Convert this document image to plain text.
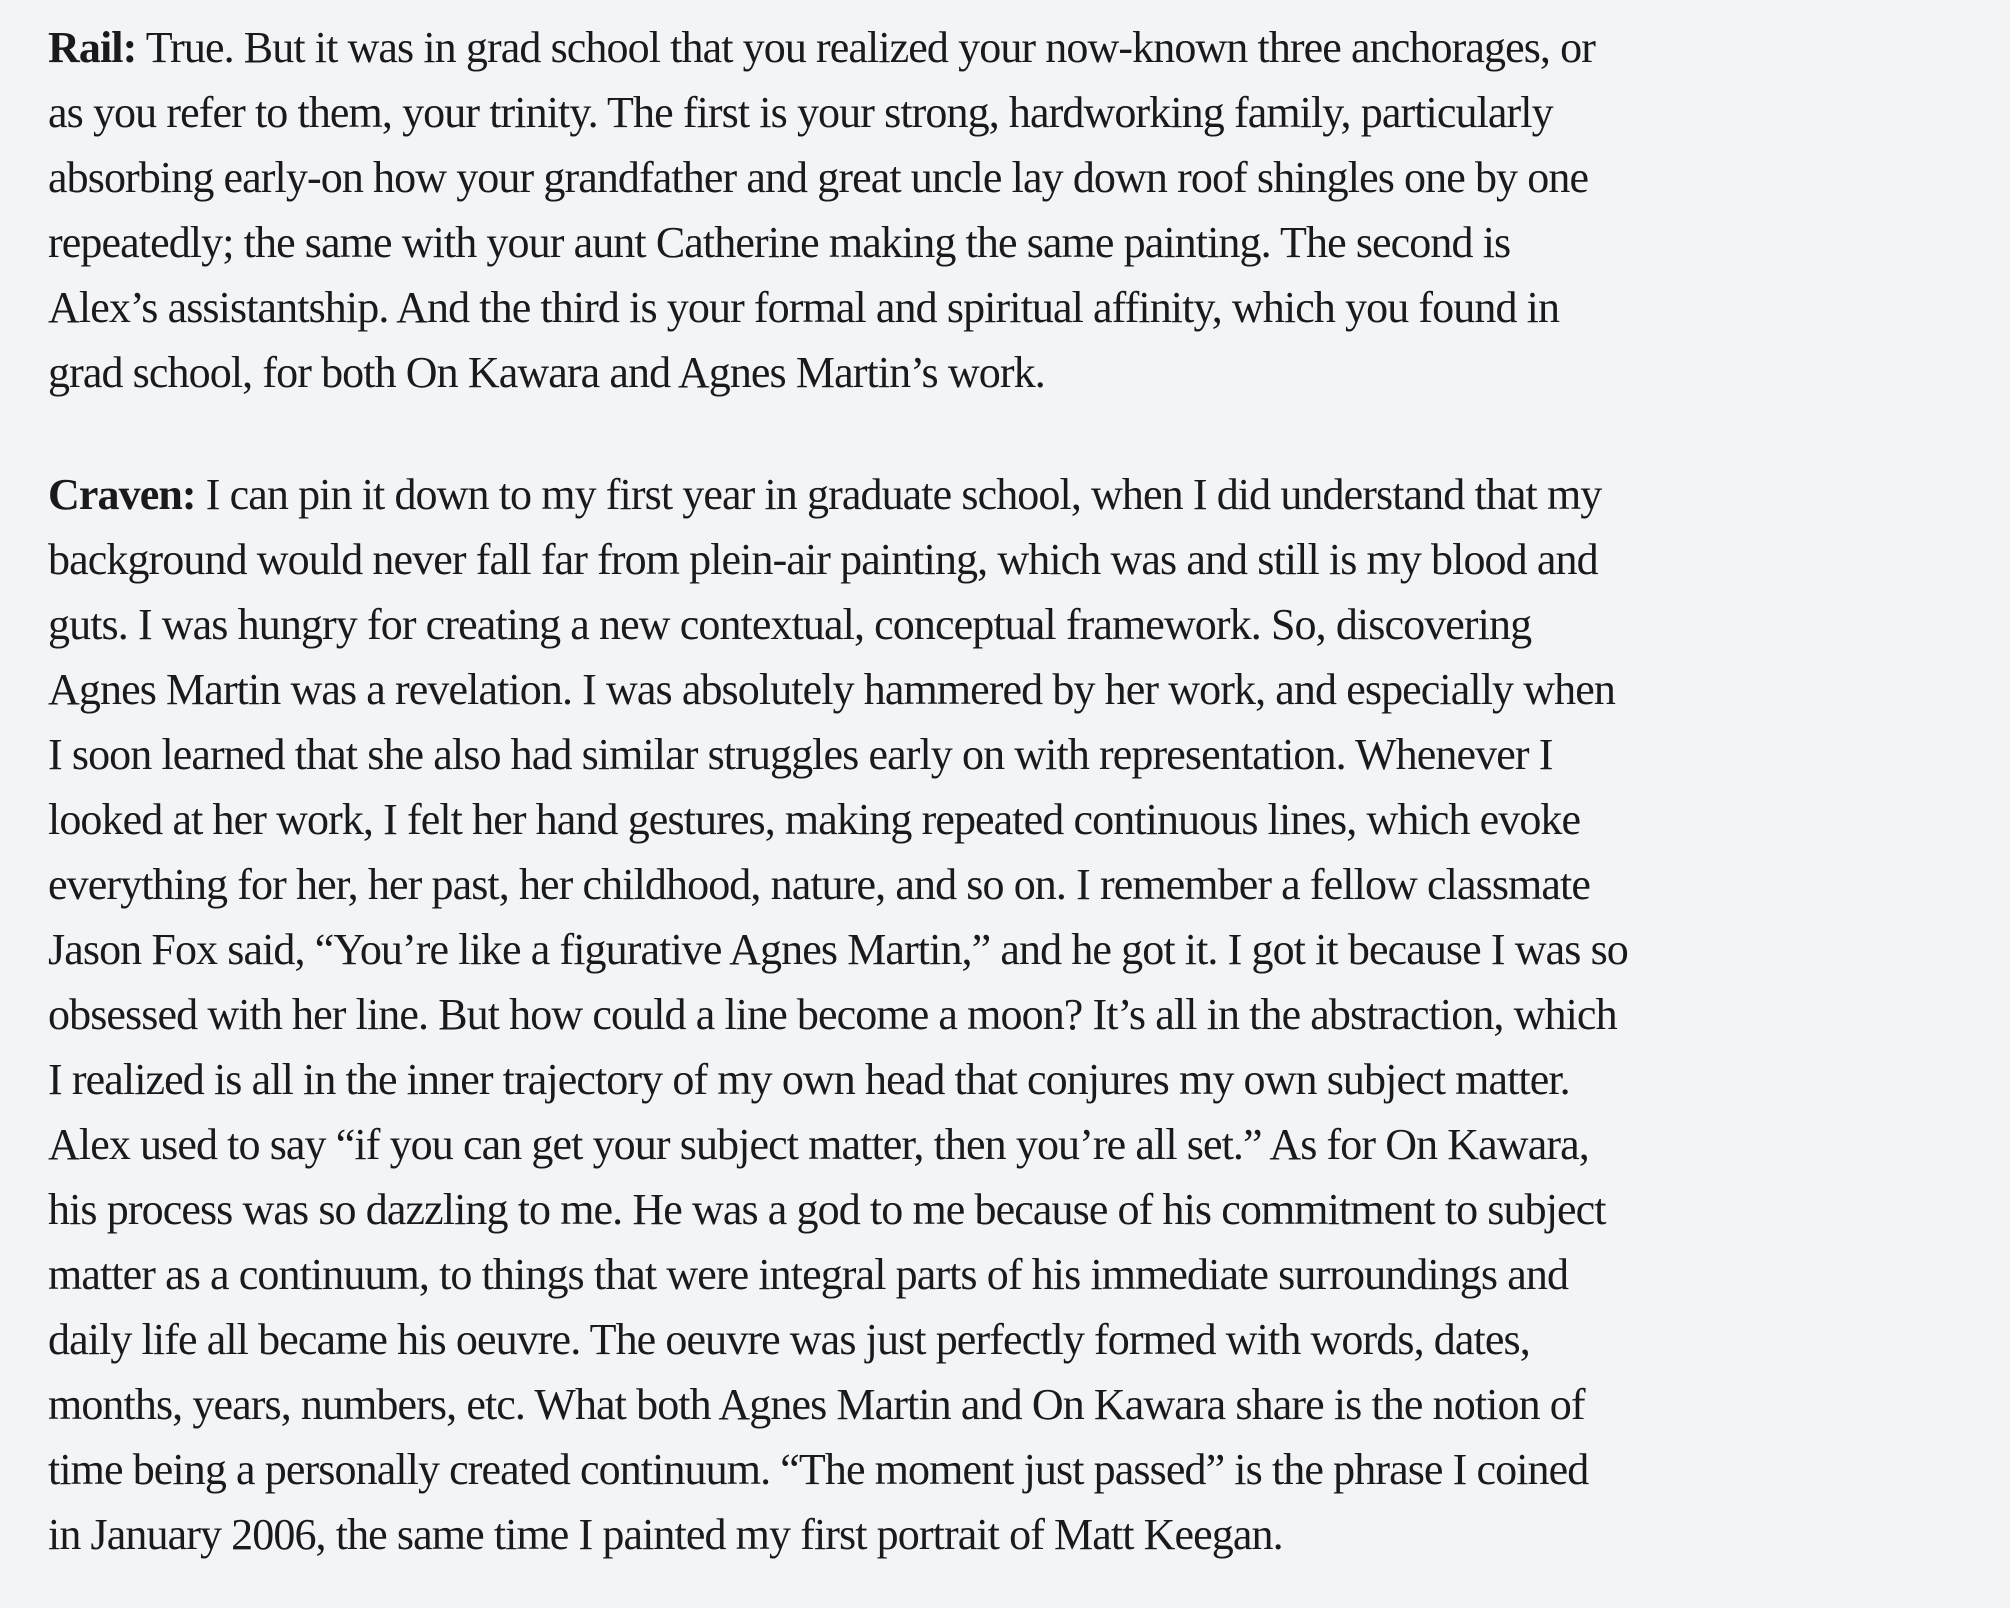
Rail: True. But it was in grad school that you realized your now-known three anchorages, or
as you refer to them, your trinity. The first is your strong, hardworking family, particularly
absorbing early-on how your grandfather and great uncle lay down roof shingles one by one
repeatedly; the same with your aunt Catherine making the same painting. The second is
Alex’s assistantship. And the third is your formal and spiritual affinity, which you found in
grad school, for both On Kawara and Agnes Martin’s work.
Craven: I can pin it down to my first year in graduate school, when I did understand that my
background would never fall far from plein-air painting, which was and still is my blood and
guts. I was hungry for creating a new contextual, conceptual framework. So, discovering
Agnes Martin was a revelation. I was absolutely hammered by her work, and especially when
I soon learned that she also had similar struggles early on with representation. Whenever I
looked at her work, I felt her hand gestures, making repeated continuous lines, which evoke
everything for her, her past, her childhood, nature, and so on. I remember a fellow classmate
Jason Fox said, “You’re like a figurative Agnes Martin,” and he got it. I got it because I was so
obsessed with her line. But how could a line become a moon? It’s all in the abstraction, which
I realized is all in the inner trajectory of my own head that conjures my own subject matter.
Alex used to say “if you can get your subject matter, then you’re all set.” As for On Kawara,
his process was so dazzling to me. He was a god to me because of his commitment to subject
matter as a continuum, to things that were integral parts of his immediate surroundings and
daily life all became his oeuvre. The oeuvre was just perfectly formed with words, dates,
months, years, numbers, etc. What both Agnes Martin and On Kawara share is the notion of
time being a personally created continuum. “The moment just passed” is the phrase I coined
in January 2006, the same time I painted my first portrait of Matt Keegan.
